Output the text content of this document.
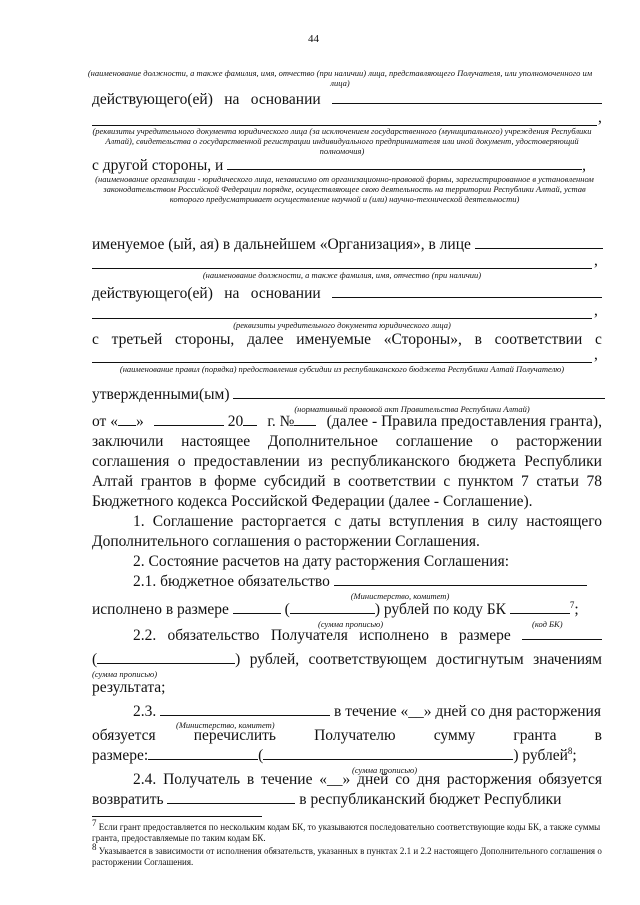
44
(наименование должности, а также фамилия, имя, отчество (при наличии) лица, представляющего Получателя, или уполномоченного им лица)
действующего(ей) на основании
,
(реквизиты учредительного документа юридического лица (за исключением государственного (муниципального) учреждения Республики Алтай), свидетельства о государственной регистрации индивидуального предпринимателя или иной документ, удостоверяющий полномочия)
с другой стороны, и	,
(наименование организации - юридического лица, независимо от организационно-правовой формы, зарегистрированное в установленном законодательством Российской Федерации порядке, осуществляющее свою деятельность на территории Республики Алтай, устав которого предусматривает осуществление научной и (или) научно-технической деятельности)
именуемое (ый, ая) в дальнейшем «Организация», в лице
,
(наименование должности, а также фамилия, имя, отчество (при наличии)
действующего(ей) на основании
,
(реквизиты учредительного документа юридического лица)
с третьей стороны, далее именуемые «Стороны», в соответствии с
,
(наименование правил (порядка) предоставления субсидии из республиканского бюджета Республики Алтай Получателю)
утвержденными(ым)
(нормативный правовой акт Правительства Республики Алтай)
от « »	20	г. №	(далее - Правила предоставления гранта),
заключили настоящее Дополнительное соглашение о расторжении
соглашения о предоставлении из республиканского бюджета Республики
Алтай грантов в форме субсидий в соответствии с пунктом 7 статьи 78
Бюджетного кодекса Российской Федерации (далее - Соглашение).
1. Соглашение расторгается с даты вступления в силу настоящего
Дополнительного соглашения о расторжении Соглашения.
2. Состояние расчетов на дату расторжения Соглашения:
2.1. бюджетное обязательство
(Министерство, комитет)
исполнено в размере	(	) рублей по коду БК	$^7$;
(сумма прописью)	(код БК)
2.2. обязательство Получателя исполнено в размере
(	) рублей, соответствующем достигнутым значениям
(сумма прописью)
результата;
2.3.	в течение «__» дней со дня расторжения
(Министерство, комитет)
обязуется перечислить Получателю сумму гранта в
размере:	(	) рублей$^8$;
(сумма прописью)
2.4. Получатель в течение «__» дней со дня расторжения обязуется
возвратить	в республиканский бюджет Республики
$^7$ Если грант предоставляется по нескольким кодам БК, то указываются последовательно соответствующие коды БК, а также суммы гранта, предоставляемые по таким кодам БК.
$^8$ Указывается в зависимости от исполнения обязательств, указанных в пунктах 2.1 и 2.2 настоящего Дополнительного соглашения о расторжении Соглашения.
